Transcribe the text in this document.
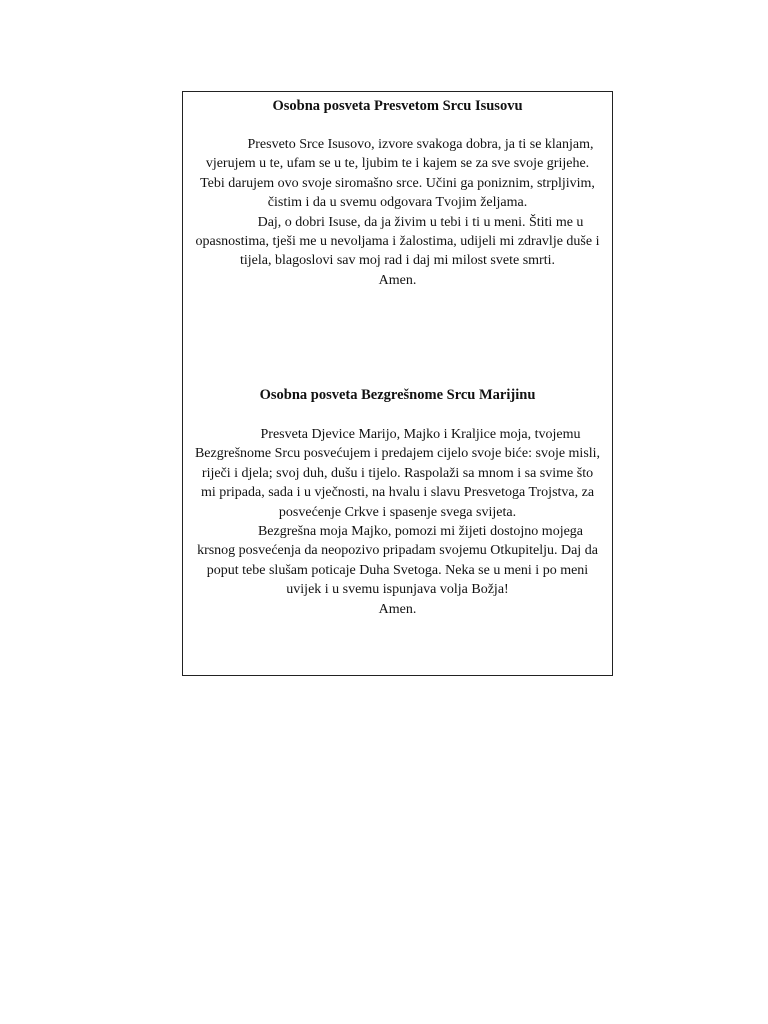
Osobna posveta Presvetom Srcu Isusovu
Presveto Srce Isusovo, izvore svakoga dobra, ja ti se klanjam, vjerujem u te, ufam se u te, ljubim te i kajem se za sve svoje grijehe. Tebi darujem ovo svoje siromašno srce. Učini ga poniznim, strpljivim, čistim i da u svemu odgovara Tvojim željama.
Daj, o dobri Isuse, da ja živim u tebi i ti u meni. Štiti me u opasnostima, tješi me u nevoljama i žalostima, udijeli mi zdravlje duše i tijela, blagoslovi sav moj rad i daj mi milost svete smrti.
Amen.
Osobna posveta Bezgrešnome Srcu Marijinu
Presveta Djevice Marijo, Majko i Kraljice moja, tvojemu Bezgrešnome Srcu posvećujem i predajem cijelo svoje biće: svoje misli, riječi i djela; svoj duh, dušu i tijelo. Raspolaži sa mnom i sa svime što mi pripada, sada i u vječnosti, na hvalu i slavu Presvetoga Trojstva, za posvećenje Crkve i spasenje svega svijeta.
Bezgrešna moja Majko, pomozi mi žijeti dostojno mojega krsnog posvećenja da neopozivo pripadam svojemu Otkupitelju. Daj da poput tebe slušam poticaje Duha Svetoga. Neka se u meni i po meni uvijek i u svemu ispunjava volja Božja!
Amen.
